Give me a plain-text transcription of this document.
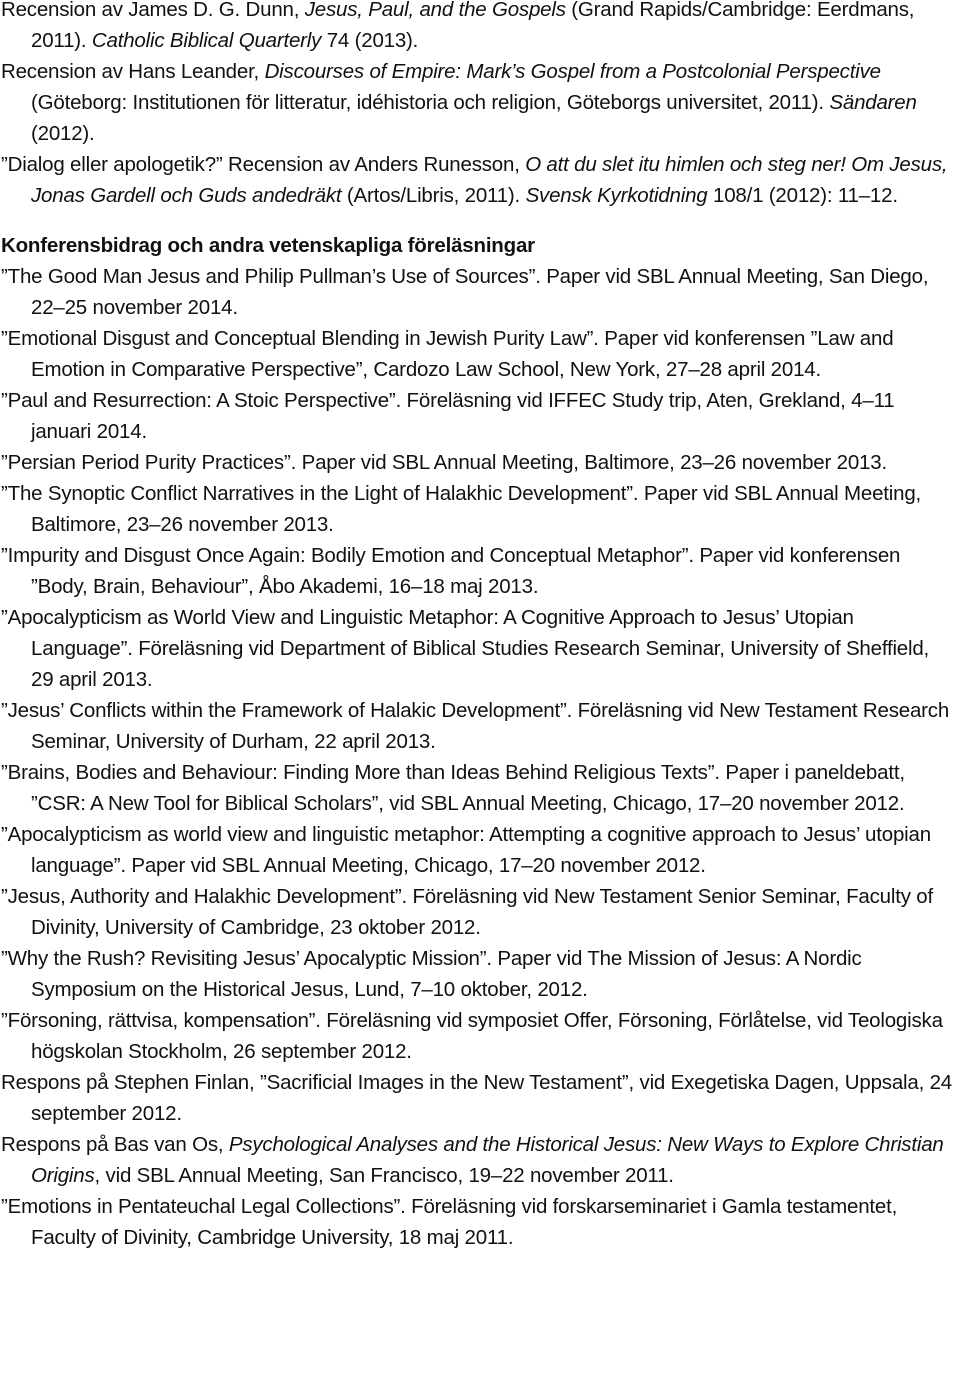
Recension av James D. G. Dunn, Jesus, Paul, and the Gospels (Grand Rapids/Cambridge: Eerdmans, 2011). Catholic Biblical Quarterly 74 (2013).

Recension av Hans Leander, Discourses of Empire: Mark’s Gospel from a Postcolonial Perspective (Göteborg: Institutionen för litteratur, idéhistoria och religion, Göteborgs universitet, 2011). Sändaren (2012).

”Dialog eller apologetik?” Recension av Anders Runesson, O att du slet itu himlen och steg ner! Om Jesus, Jonas Gardell och Guds andedräkt (Artos/Libris, 2011). Svensk Kyrkotidning 108/1 (2012): 11–12.

Konferensbidrag och andra vetenskapliga föreläsningar

”The Good Man Jesus and Philip Pullman’s Use of Sources”. Paper vid SBL Annual Meeting, San Diego, 22–25 november 2014.

”Emotional Disgust and Conceptual Blending in Jewish Purity Law”. Paper vid konferensen ”Law and Emotion in Comparative Perspective”, Cardozo Law School, New York, 27–28 april 2014.

”Paul and Resurrection: A Stoic Perspective”. Föreläsning vid IFFEC Study trip, Aten, Grekland, 4–11 januari 2014.

”Persian Period Purity Practices”. Paper vid SBL Annual Meeting, Baltimore, 23–26 november 2013.

”The Synoptic Conflict Narratives in the Light of Halakhic Development”. Paper vid SBL Annual Meeting, Baltimore, 23–26 november 2013.

”Impurity and Disgust Once Again: Bodily Emotion and Conceptual Metaphor”. Paper vid konferensen ”Body, Brain, Behaviour”, Åbo Akademi, 16–18 maj 2013.

”Apocalypticism as World View and Linguistic Metaphor: A Cognitive Approach to Jesus’ Utopian Language”. Föreläsning vid Department of Biblical Studies Research Seminar, University of Sheffield, 29 april 2013.

”Jesus’ Conflicts within the Framework of Halakic Development”. Föreläsning vid New Testament Research Seminar, University of Durham, 22 april 2013.

”Brains, Bodies and Behaviour: Finding More than Ideas Behind Religious Texts”. Paper i paneldebatt, ”CSR: A New Tool for Biblical Scholars”, vid SBL Annual Meeting, Chicago, 17–20 november 2012.

”Apocalypticism as world view and linguistic metaphor: Attempting a cognitive approach to Jesus’ utopian language”. Paper vid SBL Annual Meeting, Chicago, 17–20 november 2012.

”Jesus, Authority and Halakhic Development”. Föreläsning vid New Testament Senior Seminar, Faculty of Divinity, University of Cambridge, 23 oktober 2012.

”Why the Rush? Revisiting Jesus’ Apocalyptic Mission”. Paper vid The Mission of Jesus: A Nordic Symposium on the Historical Jesus, Lund, 7–10 oktober, 2012.

”Försoning, rättvisa, kompensation”. Föreläsning vid symposiet Offer, Försoning, Förlåtelse, vid Teologiska högskolan Stockholm, 26 september 2012.

Respons på Stephen Finlan, ”Sacrificial Images in the New Testament”, vid Exegetiska Dagen, Uppsala, 24 september 2012.

Respons på Bas van Os, Psychological Analyses and the Historical Jesus: New Ways to Explore Christian Origins, vid SBL Annual Meeting, San Francisco, 19–22 november 2011.

”Emotions in Pentateuchal Legal Collections”. Föreläsning vid forskarseminariet i Gamla testamentet, Faculty of Divinity, Cambridge University, 18 maj 2011.
